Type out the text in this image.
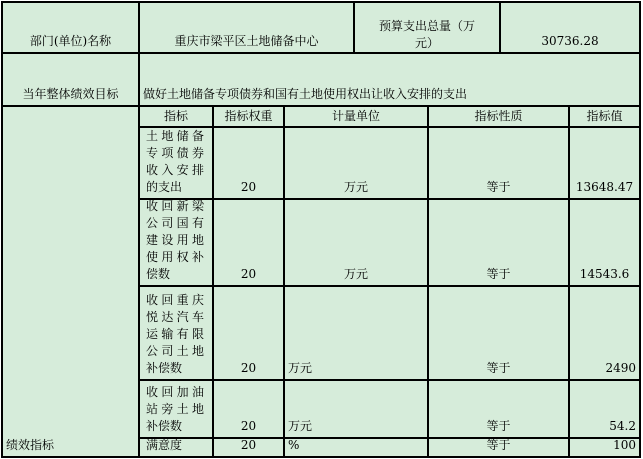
部门(单位)名称	重庆市梁平区土地储备中心
预算支出总量（万元）	30736.28
当年整体绩效目标	做好土地储备专项债券和国有土地使用权出让收入安排的支出
绩效指标
指标	指标权重	计量单位	指标性质	指标值
土地储备专项债券收入安排的支出	20	万元	等于	13648.47
收回新梁公司国有建设用地使用权补偿数	20	万元	等于	14543.6
收回重庆悦达汽车运输有限公司土地补偿数	20	万元	等于	2490
收回加油站旁土地补偿数	20	万元	等于	54.2
满意度	20	%	等于	100
